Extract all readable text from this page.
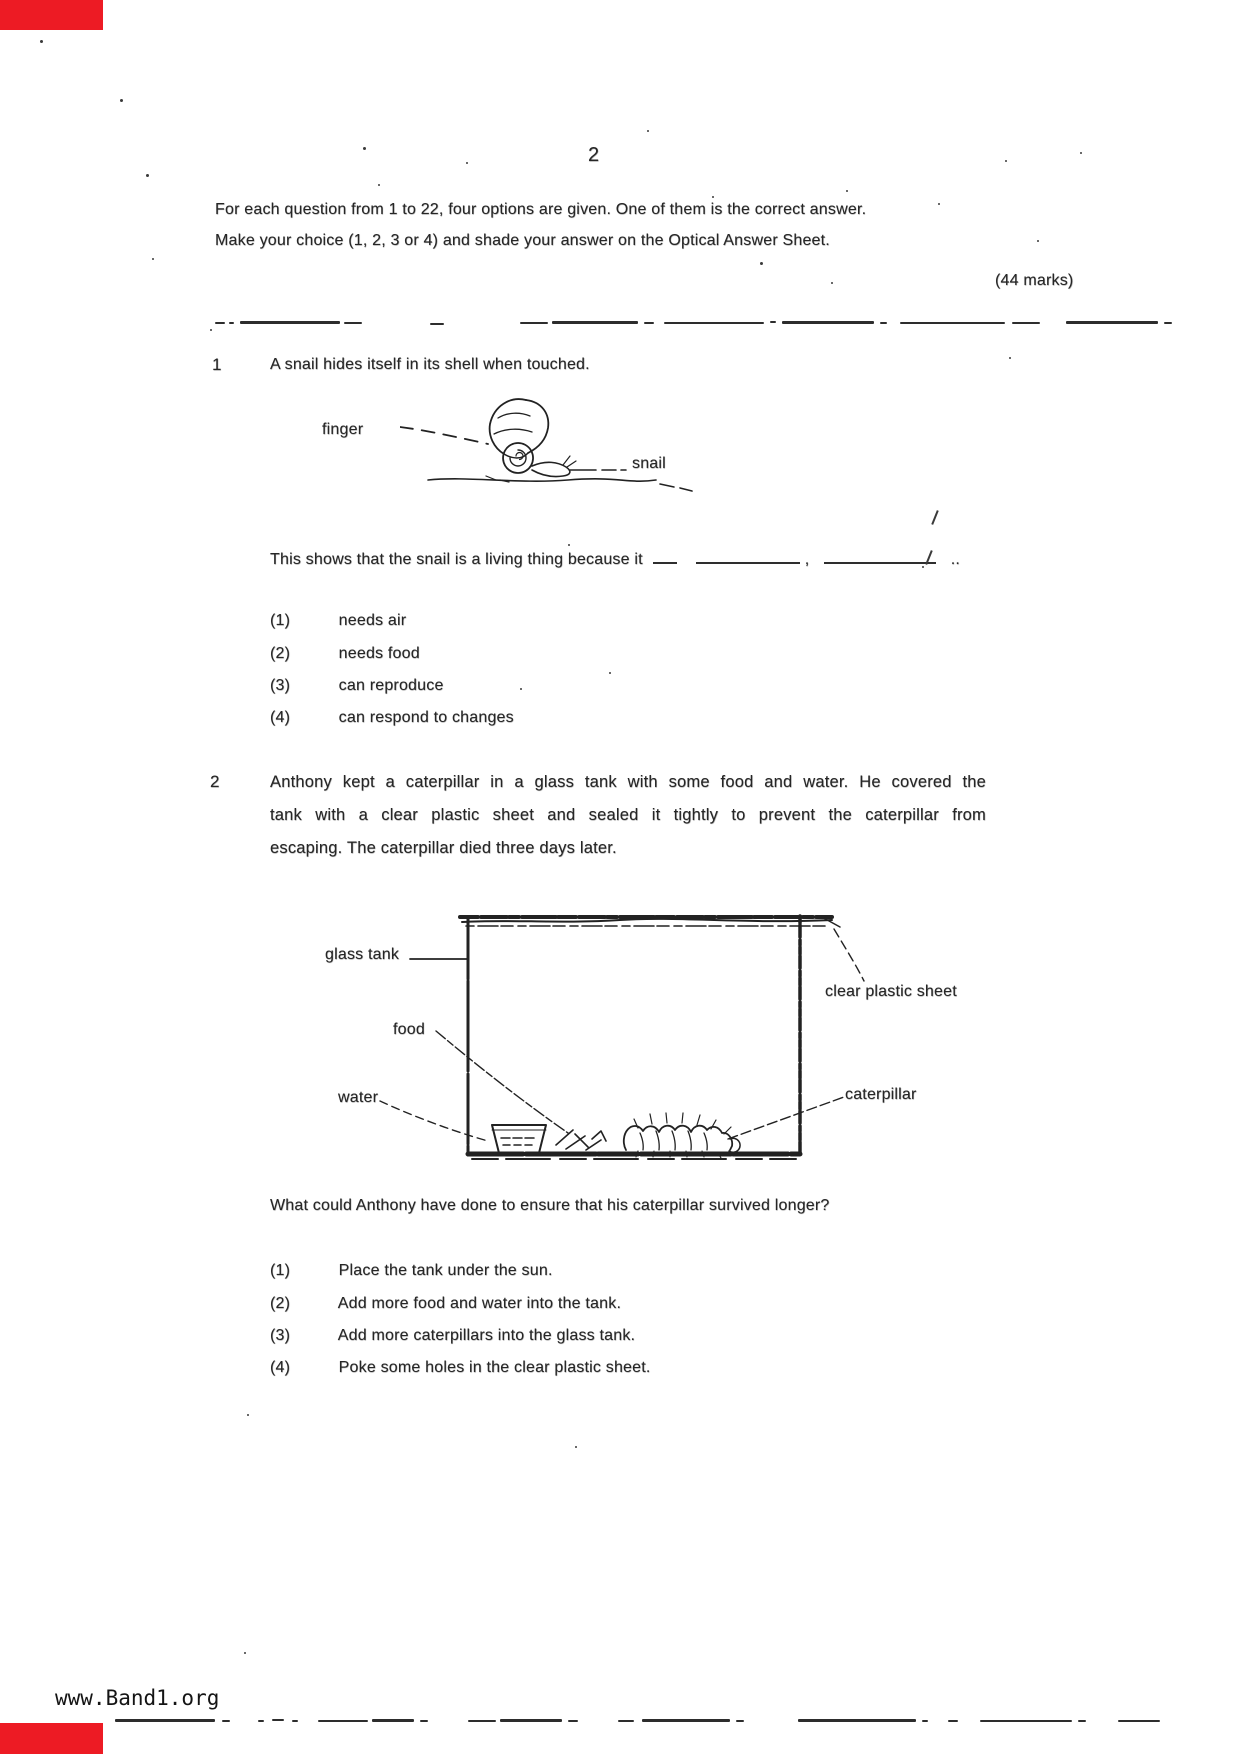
2
For each question from 1 to 22, four options are given. One of them is the correct answer.
Make your choice (1, 2, 3 or 4) and shade your answer on the Optical Answer Sheet.
(44 marks)
1	A snail hides itself in its shell when touched.
finger
snail
This shows that the snail is a living thing because it	,	..
(1)	needs air
(2)	needs food
(3)	can reproduce
(4)	can respond to changes
2	Anthony kept a caterpillar in a glass tank with some food and water. He covered the
tank with a clear plastic sheet and sealed it tightly to prevent the caterpillar from
escaping. The caterpillar died three days later.
glass tank
clear plastic sheet
food
water	caterpillar
What could Anthony have done to ensure that his caterpillar survived longer?
(1)	Place the tank under the sun.
(2)	Add more food and water into the tank.
(3)	Add more caterpillars into the glass tank.
(4)	Poke some holes in the clear plastic sheet.
www.Band1.org
